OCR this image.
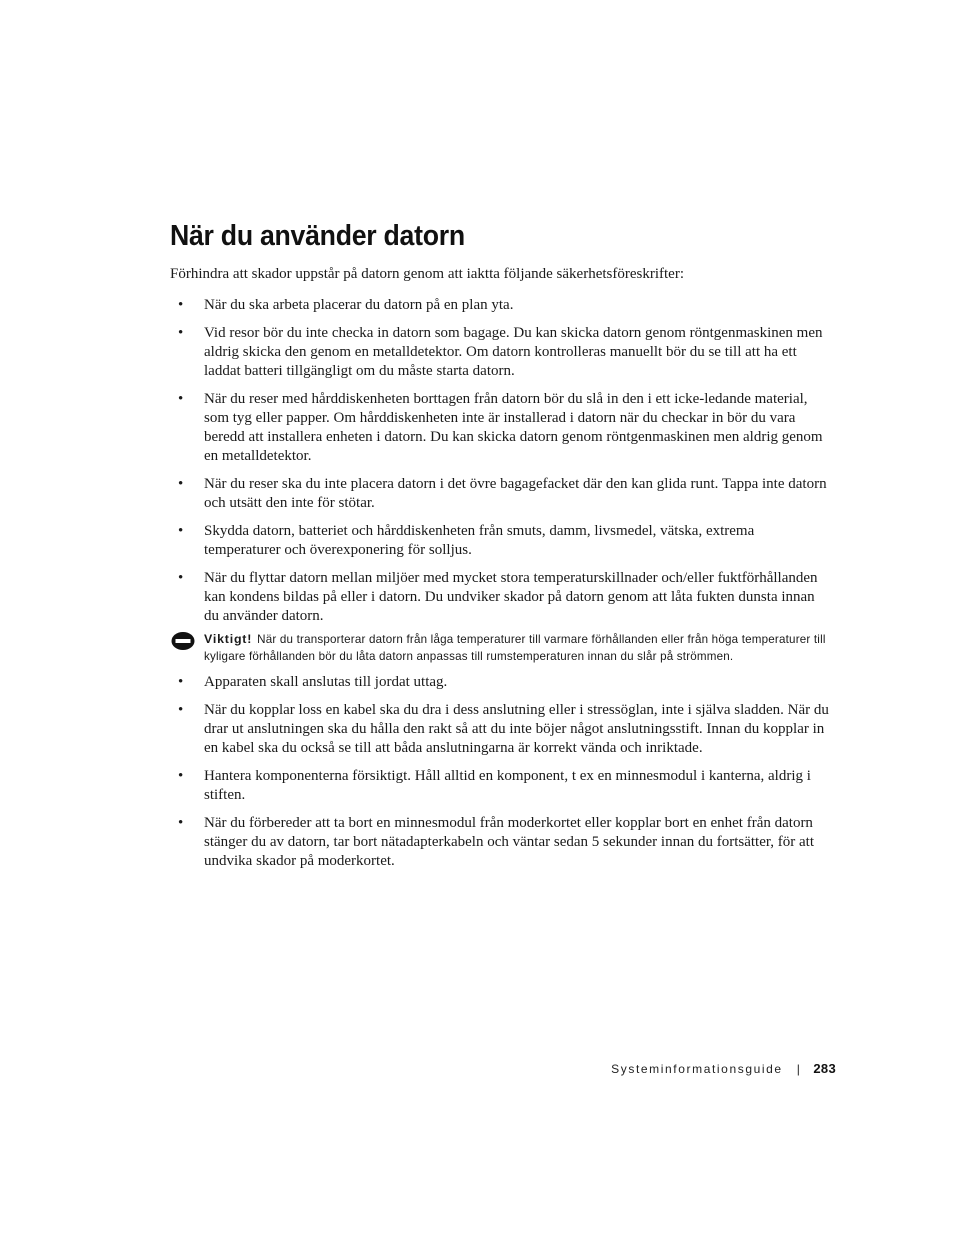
När du använder datorn

Förhindra att skador uppstår på datorn genom att iaktta följande säkerhetsföreskrifter:

• När du ska arbeta placerar du datorn på en plan yta.
• Vid resor bör du inte checka in datorn som bagage. Du kan skicka datorn genom röntgenmaskinen men aldrig skicka den genom en metalldetektor. Om datorn kontrolleras manuellt bör du se till att ha ett laddat batteri tillgängligt om du måste starta datorn.
• När du reser med hårddiskenheten borttagen från datorn bör du slå in den i ett icke-ledande material, som tyg eller papper. Om hårddiskenheten inte är installerad i datorn när du checkar in bör du vara beredd att installera enheten i datorn. Du kan skicka datorn genom röntgenmaskinen men aldrig genom en metalldetektor.
• När du reser ska du inte placera datorn i det övre bagagefacket där den kan glida runt. Tappa inte datorn och utsätt den inte för stötar.
• Skydda datorn, batteriet och hårddiskenheten från smuts, damm, livsmedel, vätska, extrema temperaturer och överexponering för solljus.
• När du flyttar datorn mellan miljöer med mycket stora temperaturskillnader och/eller fuktförhållanden kan kondens bildas på eller i datorn. Du undviker skador på datorn genom att låta fukten dunsta innan du använder datorn.
Viktigt! När du transporterar datorn från låga temperaturer till varmare förhållanden eller från höga temperaturer till kyligare förhållanden bör du låta datorn anpassas till rumstemperaturen innan du slår på strömmen.
• Apparaten skall anslutas till jordat uttag.
• När du kopplar loss en kabel ska du dra i dess anslutning eller i stressöglan, inte i själva sladden. När du drar ut anslutningen ska du hålla den rakt så att du inte böjer något anslutningsstift. Innan du kopplar in en kabel ska du också se till att båda anslutningarna är korrekt vända och inriktade.
• Hantera komponenterna försiktigt. Håll alltid en komponent, t ex en minnesmodul i kanterna, aldrig i stiften.
• När du förbereder att ta bort en minnesmodul från moderkortet eller kopplar bort en enhet från datorn stänger du av datorn, tar bort nätadapterkabeln och väntar sedan 5 sekunder innan du fortsätter, för att undvika skador på moderkortet.
Systeminformationsguide | 283
